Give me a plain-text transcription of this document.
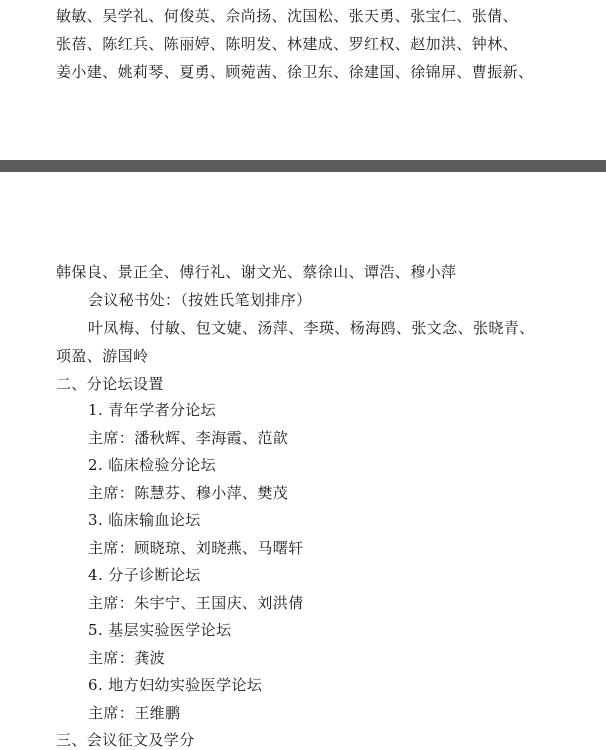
敏敏、吴学礼、何俊英、佘尚扬、沈国松、张天勇、张宝仁、张倩、
张蓓、陈红兵、陈丽婷、陈明发、林建成、罗红权、赵加洪、钟林、
姜小建、姚莉琴、夏勇、顾菀茜、徐卫东、徐建国、徐锦屏、曹振新、
韩保良、景正全、傅行礼、谢文光、蔡徐山、谭浩、穆小萍
会议秘书处：（按姓氏笔划排序）
叶凤梅、付敏、包文婕、汤萍、李瑛、杨海鸥、张文念、张晓青、
项盈、游国岭
二、分论坛设置
1. 青年学者分论坛
主席：潘秋辉、李海霞、范歆
2. 临床检验分论坛
主席：陈慧芬、穆小萍、樊茂
3. 临床输血论坛
主席：顾晓琼、刘晓燕、马曙轩
4. 分子诊断论坛
主席：朱宇宁、王国庆、刘洪倩
5. 基层实验医学论坛
主席：龚波
6. 地方妇幼实验医学论坛
主席：王维鹏
三、会议征文及学分
